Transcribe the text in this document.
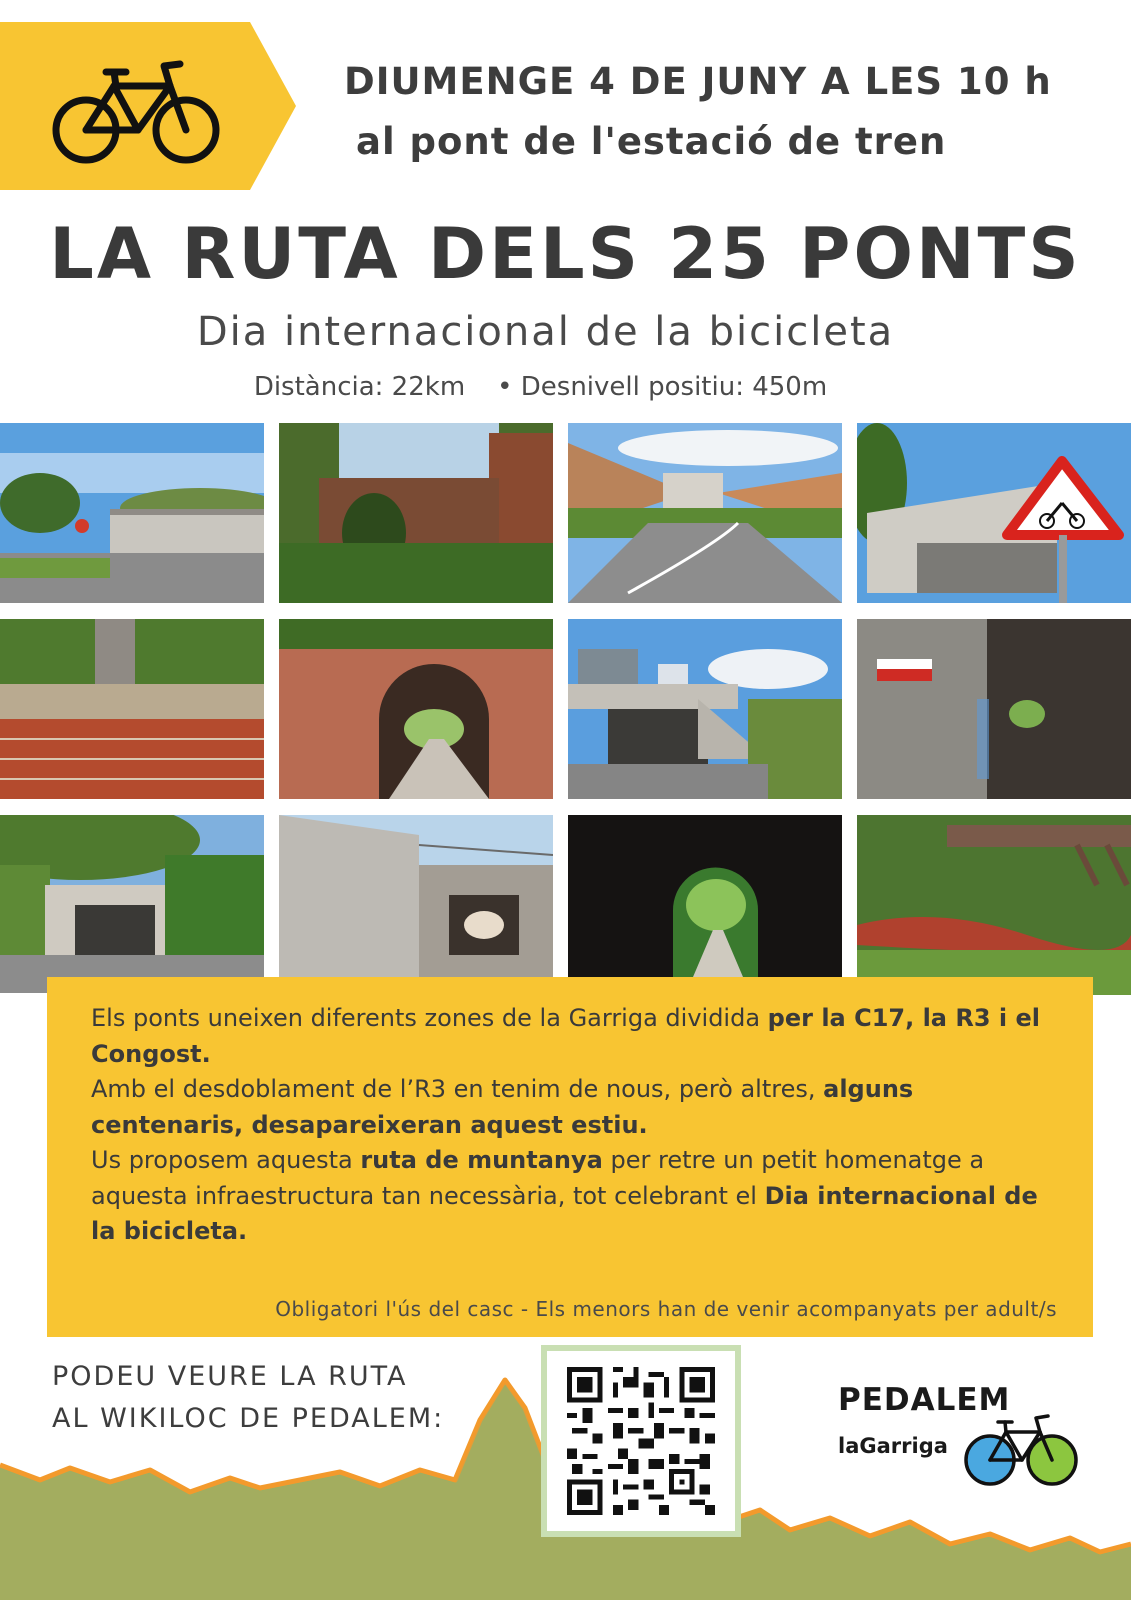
DIUMENGE 4 DE JUNY A LES 10 h
al pont de l'estació de tren
LA RUTA DELS 25 PONTS
Dia internacional de la bicicleta
Distància: 22km • Desnivell positiu: 450m
Els ponts uneixen diferents zones de la Garriga dividida per la C17, la R3 i el Congost.
Amb el desdoblament de l’R3 en tenim de nous, però altres, alguns centenaris, desapareixeran aquest estiu.
Us proposem aquesta ruta de muntanya per retre un petit homenatge a aquesta infraestructura tan necessària, tot celebrant el Dia internacional de la bicicleta.
Obligatori l'ús del casc - Els menors han de venir acompanyats per adult/s
PODEU VEURE LA RUTA
AL WIKILOC DE PEDALEM:
PEDALEM
laGarriga
